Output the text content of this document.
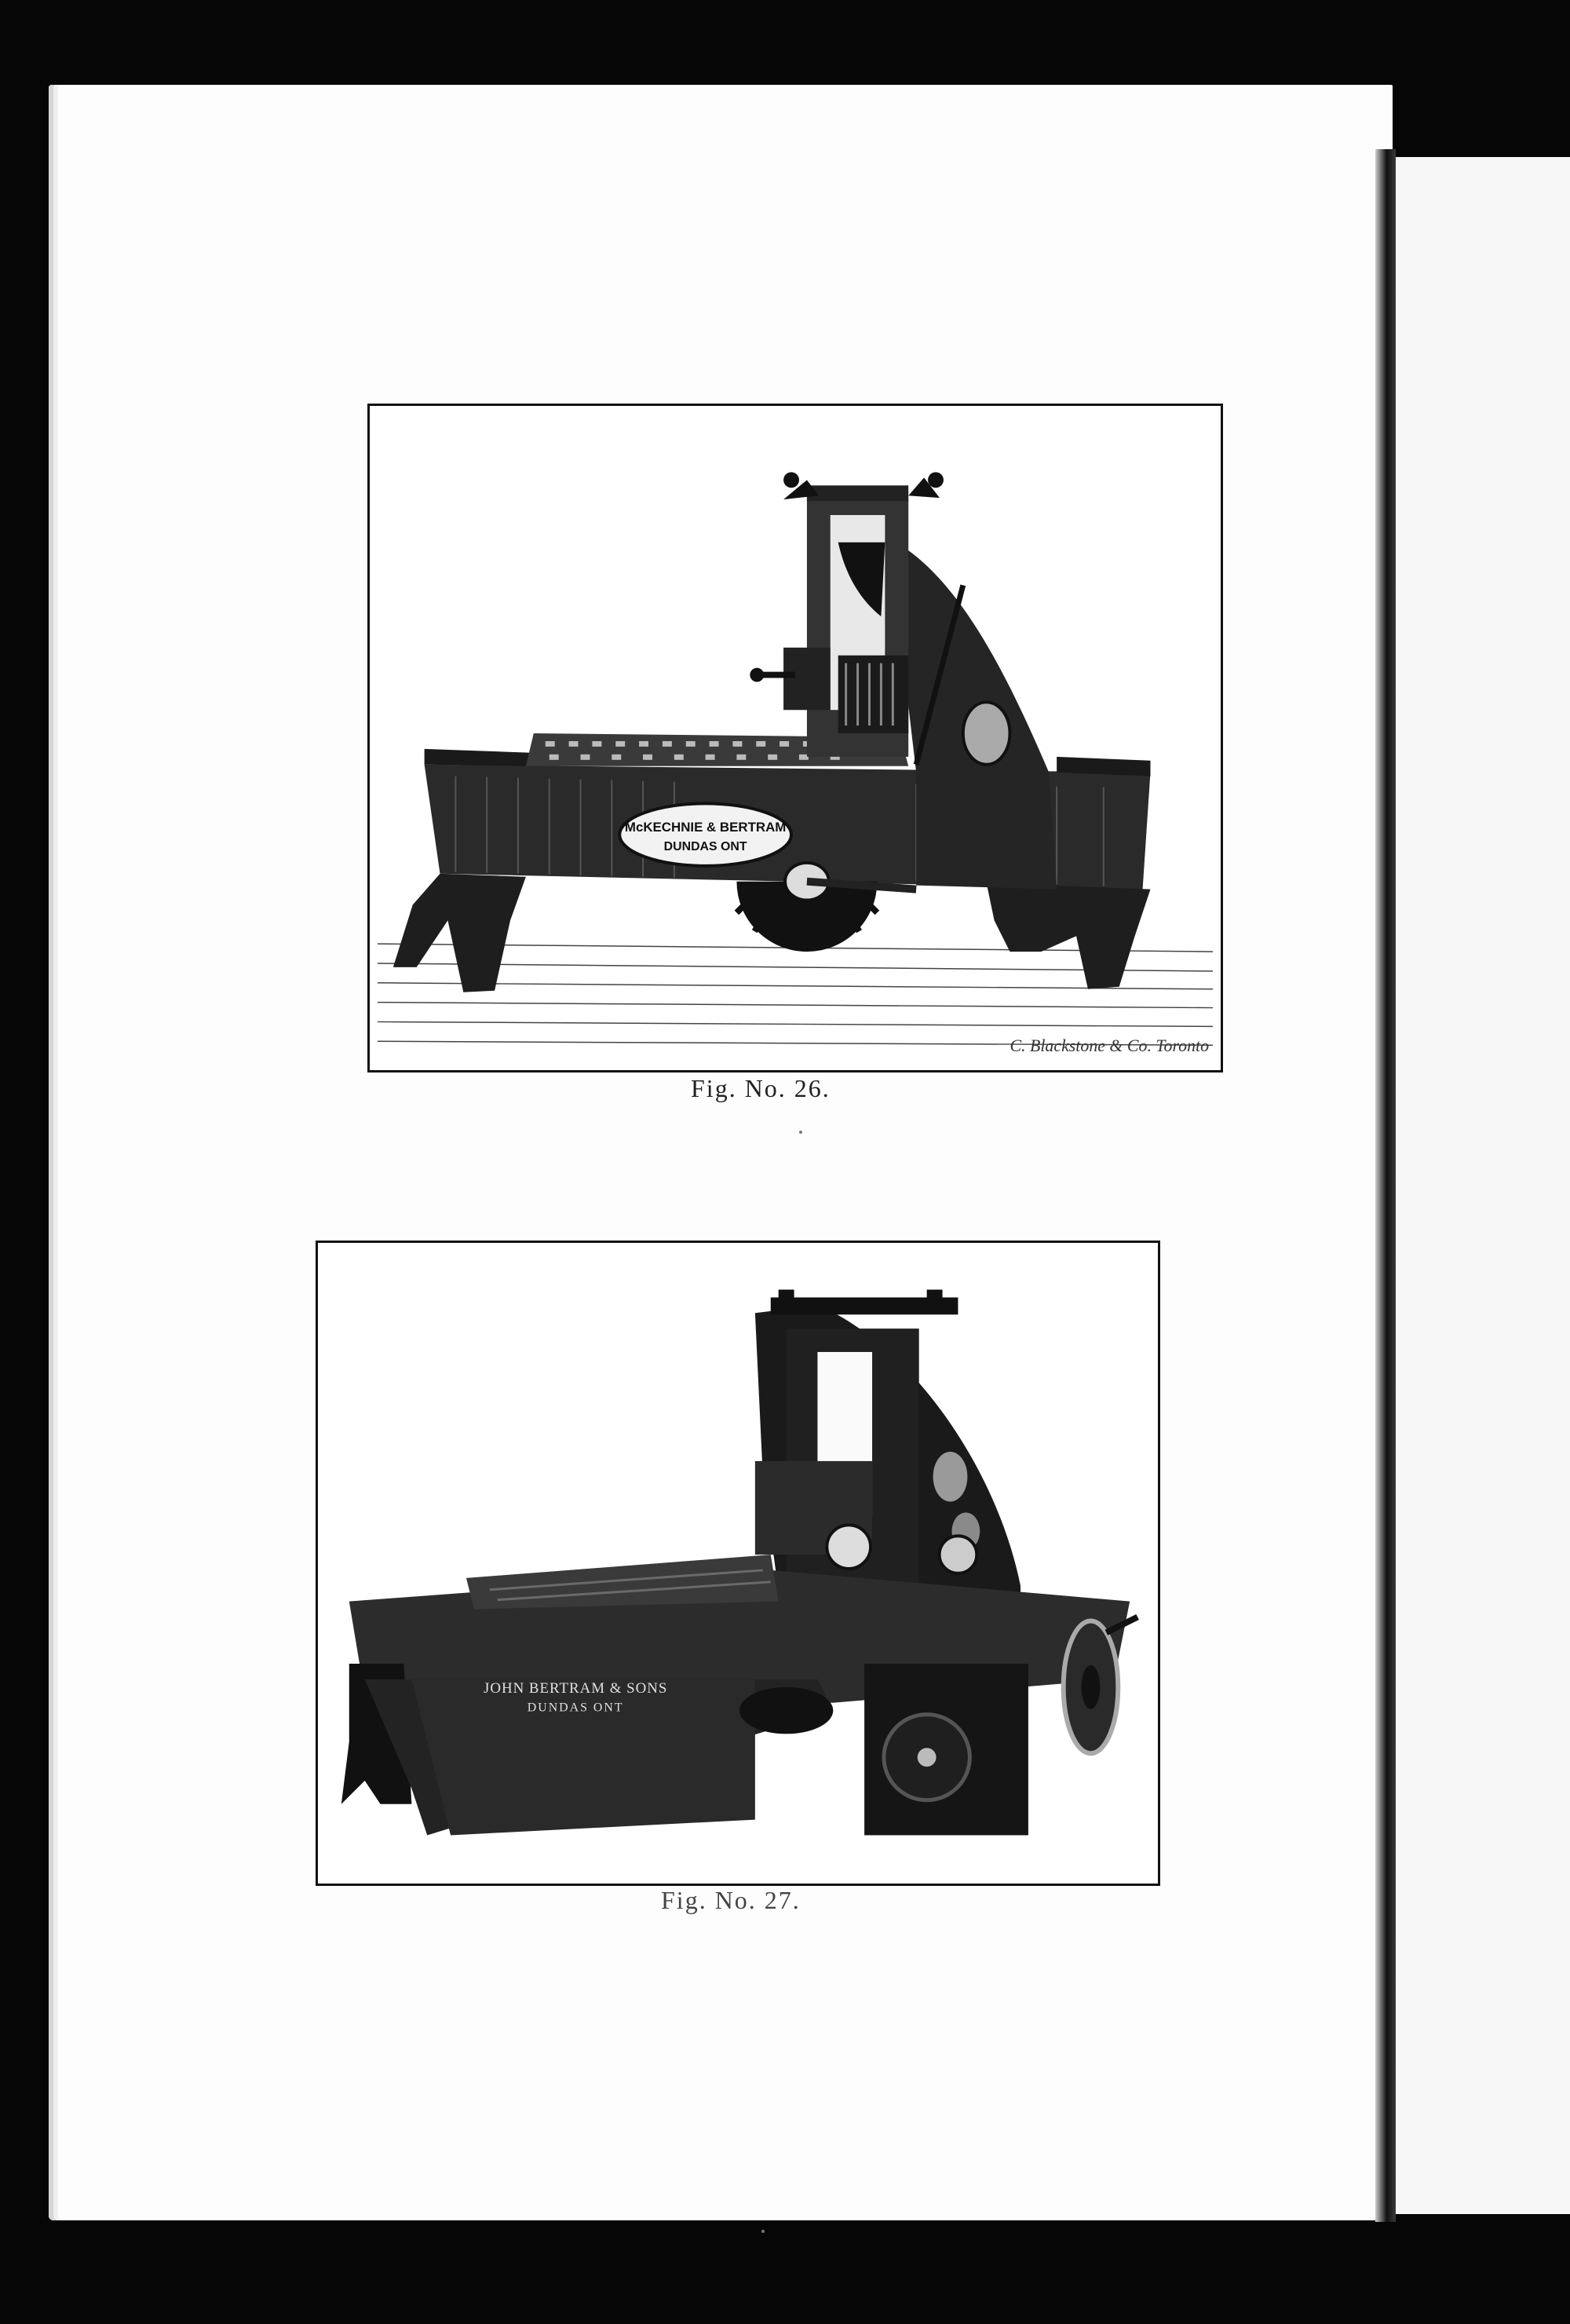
McKECHNIE & BERTRAM
DUNDAS ONT
C. Blackstone & Co. Toronto
Fig. No. 26.
JOHN BERTRAM & SONS
DUNDAS ONT
Fig. No. 27.
